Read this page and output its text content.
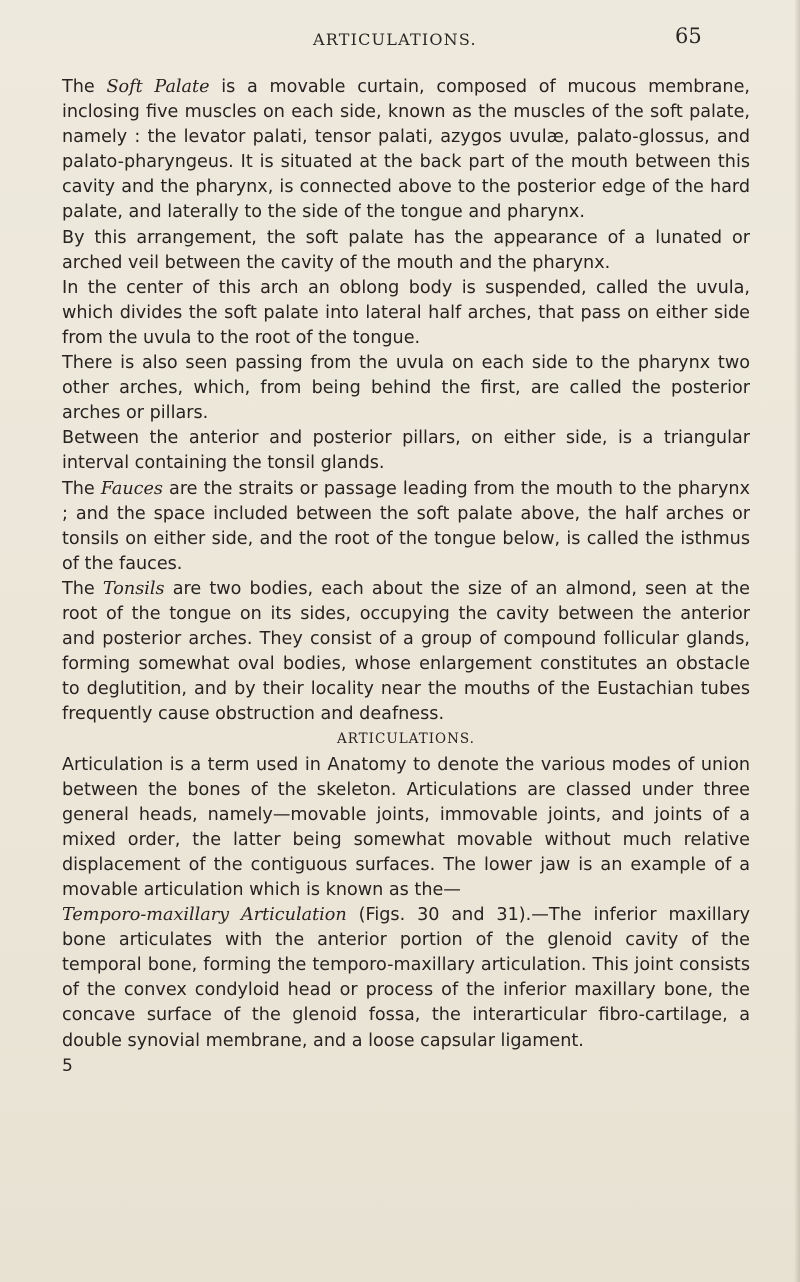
ARTICULATIONS.	65

The Soft Palate is a movable curtain, composed of mucous membrane, inclosing five muscles on each side, known as the muscles of the soft palate, namely : the levator palati, tensor palati, azygos uvulæ, palato-glossus, and palato-pharyngeus. It is situated at the back part of the mouth between this cavity and the pharynx, is connected above to the posterior edge of the hard palate, and laterally to the side of the tongue and pharynx.

By this arrangement, the soft palate has the appearance of a lunated or arched veil between the cavity of the mouth and the pharynx.

In the center of this arch an oblong body is suspended, called the uvula, which divides the soft palate into lateral half arches, that pass on either side from the uvula to the root of the tongue.

There is also seen passing from the uvula on each side to the pharynx two other arches, which, from being behind the first, are called the posterior arches or pillars.

Between the anterior and posterior pillars, on either side, is a triangular interval containing the tonsil glands.

The Fauces are the straits or passage leading from the mouth to the pharynx ; and the space included between the soft palate above, the half arches or tonsils on either side, and the root of the tongue below, is called the isthmus of the fauces.

The Tonsils are two bodies, each about the size of an almond, seen at the root of the tongue on its sides, occupying the cavity between the anterior and posterior arches. They consist of a group of compound follicular glands, forming somewhat oval bodies, whose enlargement constitutes an obstacle to deglutition, and by their locality near the mouths of the Eustachian tubes frequently cause obstruction and deafness.

ARTICULATIONS.

Articulation is a term used in Anatomy to denote the various modes of union between the bones of the skeleton. Articulations are classed under three general heads, namely—movable joints, immovable joints, and joints of a mixed order, the latter being somewhat movable without much relative displacement of the contiguous surfaces. The lower jaw is an example of a movable articulation which is known as the—

Temporo-maxillary Articulation (Figs. 30 and 31).—The inferior maxillary bone articulates with the anterior portion of the glenoid cavity of the temporal bone, forming the temporo-maxillary articulation. This joint consists of the convex condyloid head or process of the inferior maxillary bone, the concave surface of the glenoid fossa, the interarticular fibro-cartilage, a double synovial membrane, and a loose capsular ligament.

5
